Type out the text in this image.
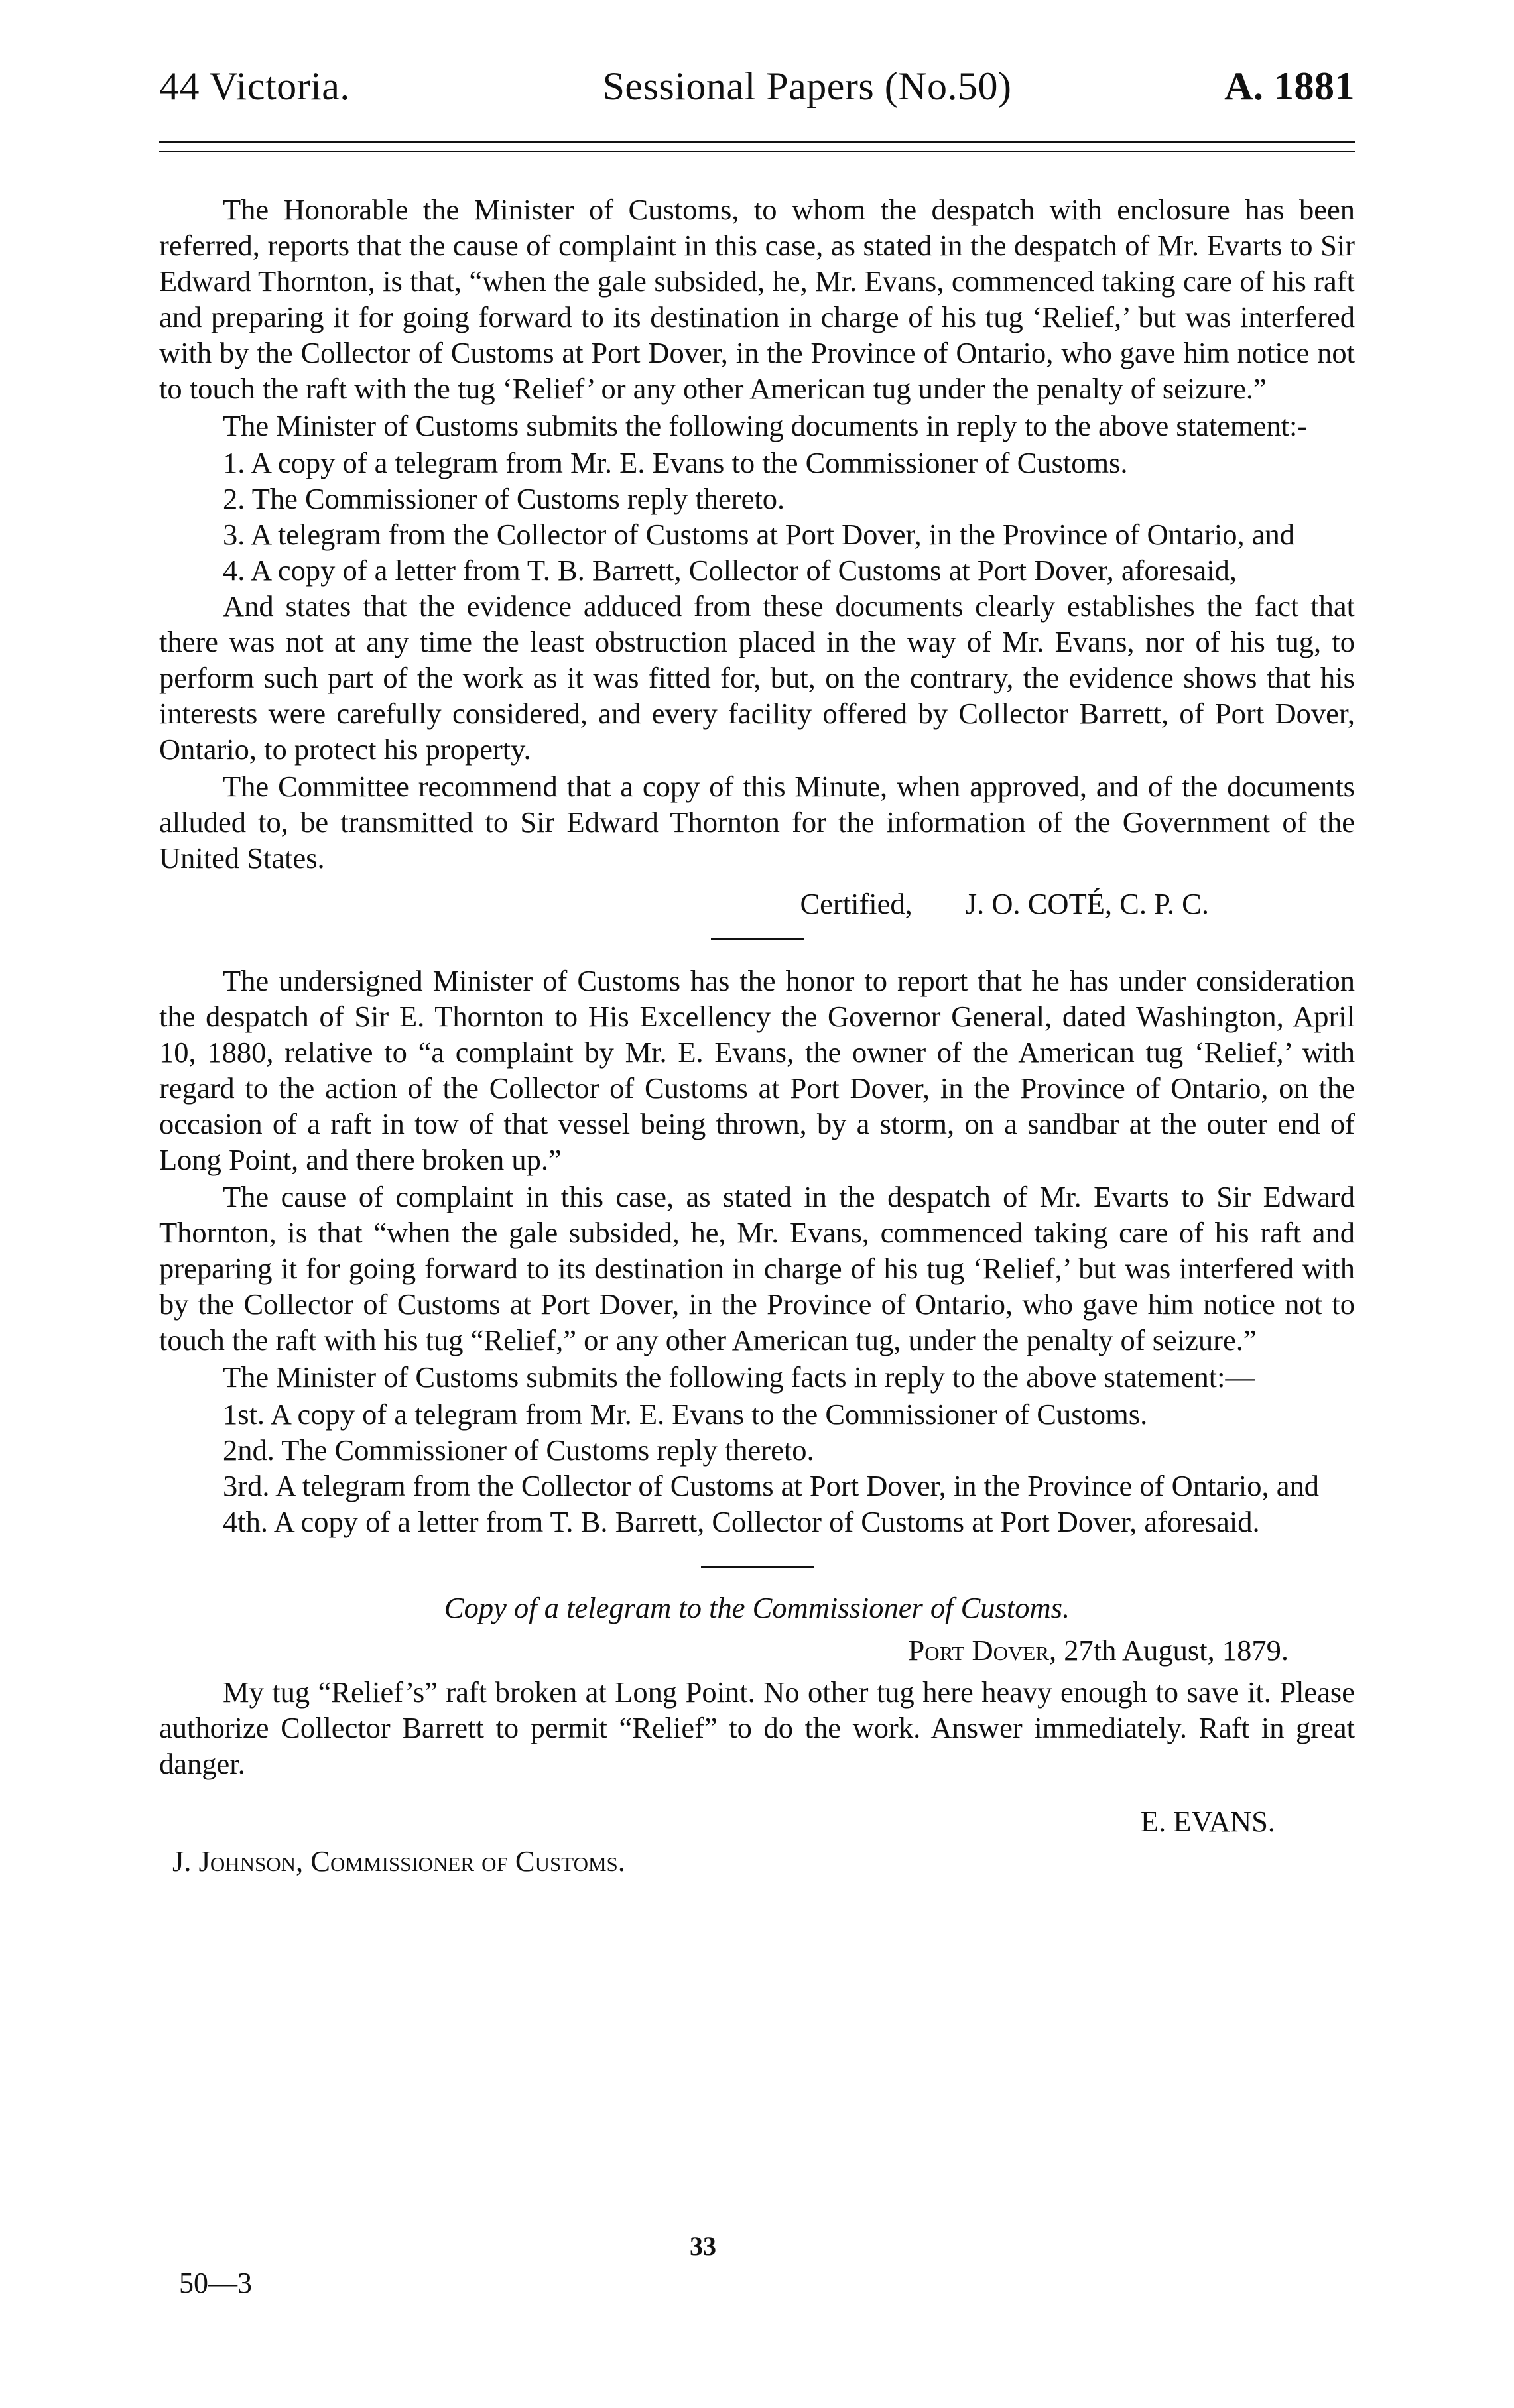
44 Victoria.	Sessional Papers (No.50)	A. 1881

The Honorable the Minister of Customs, to whom the despatch with enclosure has been referred, reports that the cause of complaint in this case, as stated in the despatch of Mr. Evarts to Sir Edward Thornton, is that, “when the gale subsided, he, Mr. Evans, commenced taking care of his raft and preparing it for going forward to its destination in charge of his tug ‘Relief,’ but was interfered with by the Collector of Customs at Port Dover, in the Province of Ontario, who gave him notice not to touch the raft with the tug ‘Relief’ or any other American tug under the penalty of seizure.”

The Minister of Customs submits the following documents in reply to the above statement:-

1. A copy of a telegram from Mr. E. Evans to the Commissioner of Customs.

2. The Commissioner of Customs reply thereto.

3. A telegram from the Collector of Customs at Port Dover, in the Province of Ontario, and

4. A copy of a letter from T. B. Barrett, Collector of Customs at Port Dover, aforesaid,

And states that the evidence adduced from these documents clearly establishes the fact that there was not at any time the least obstruction placed in the way of Mr. Evans, nor of his tug, to perform such part of the work as it was fitted for, but, on the contrary, the evidence shows that his interests were carefully considered, and every facility offered by Collector Barrett, of Port Dover, Ontario, to protect his property.

The Committee recommend that a copy of this Minute, when approved, and of the documents alluded to, be transmitted to Sir Edward Thornton for the information of the Government of the United States.

Certified, J. O. COTÉ, C. P. C.

The undersigned Minister of Customs has the honor to report that he has under consideration the despatch of Sir E. Thornton to His Excellency the Governor General, dated Washington, April 10, 1880, relative to “a complaint by Mr. E. Evans, the owner of the American tug ‘Relief,’ with regard to the action of the Collector of Customs at Port Dover, in the Province of Ontario, on the occasion of a raft in tow of that vessel being thrown, by a storm, on a sandbar at the outer end of Long Point, and there broken up.”

The cause of complaint in this case, as stated in the despatch of Mr. Evarts to Sir Edward Thornton, is that “when the gale subsided, he, Mr. Evans, commenced taking care of his raft and preparing it for going forward to its destination in charge of his tug ‘Relief,’ but was interfered with by the Collector of Customs at Port Dover, in the Province of Ontario, who gave him notice not to touch the raft with his tug “Relief,” or any other American tug, under the penalty of seizure.”

The Minister of Customs submits the following facts in reply to the above statement:—

1st. A copy of a telegram from Mr. E. Evans to the Commissioner of Customs.

2nd. The Commissioner of Customs reply thereto.

3rd. A telegram from the Collector of Customs at Port Dover, in the Province of Ontario, and

4th. A copy of a letter from T. B. Barrett, Collector of Customs at Port Dover, aforesaid.

Copy of a telegram to the Commissioner of Customs.

Port Dover, 27th August, 1879.

My tug “Relief’s” raft broken at Long Point. No other tug here heavy enough to save it. Please authorize Collector Barrett to permit “Relief” to do the work. Answer immediately. Raft in great danger.

E. EVANS.
J. Johnson, Commissioner of Customs.
33
50—3
